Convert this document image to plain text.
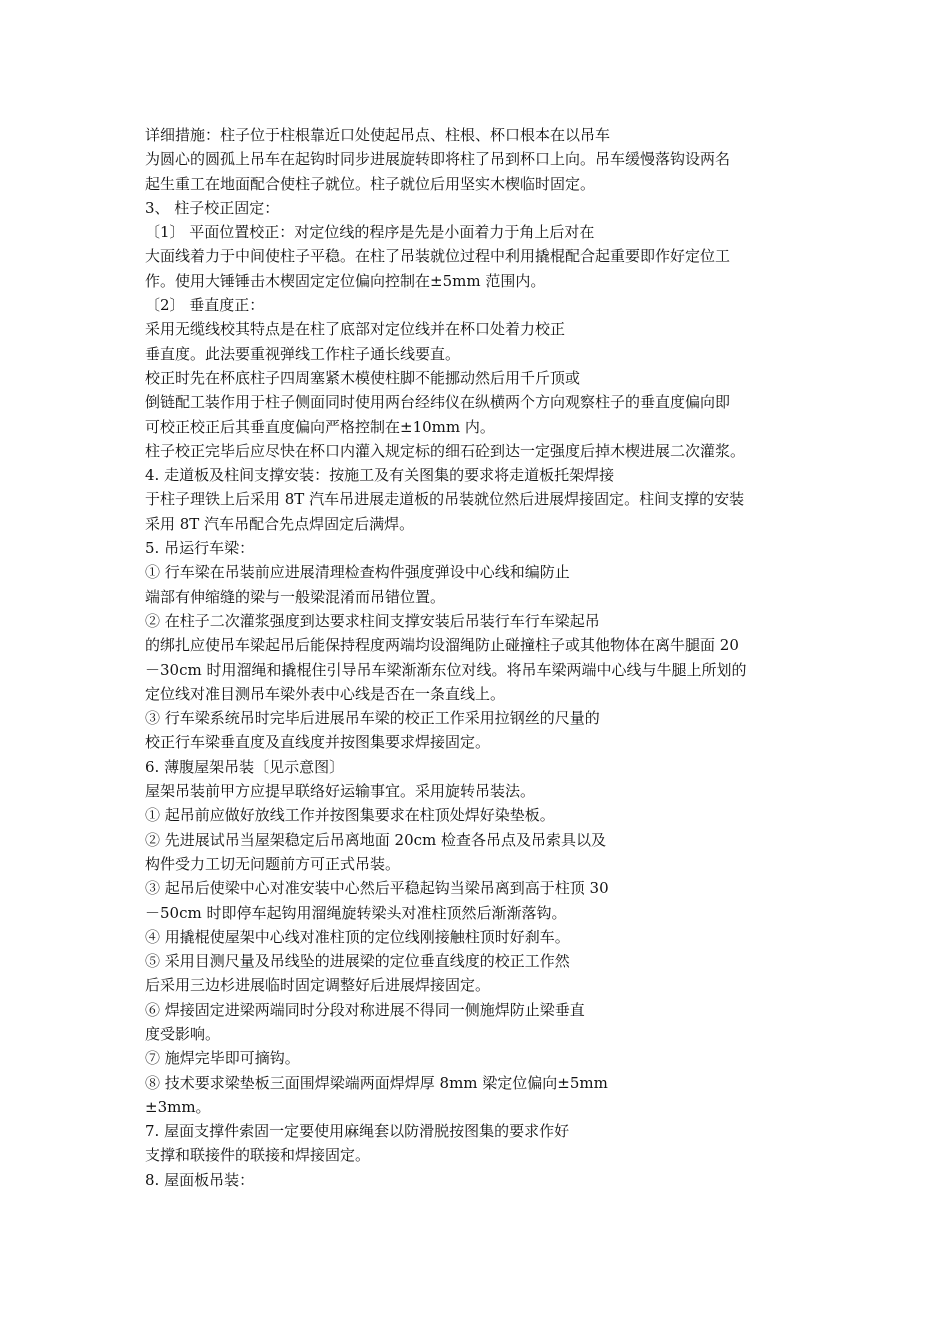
详细措施：柱子位于柱根靠近口处使起吊点、柱根、杯口根本在以吊车
为圆心的圆孤上吊车在起钩时同步进展旋转即将柱了吊到杯口上向。吊车缓慢落钩设两名
起生重工在地面配合使柱子就位。柱子就位后用坚实木楔临时固定。
3、 柱子校正固定：
〔1〕 平面位置校正：对定位线的程序是先是小面着力于角上后对在
大面线着力于中间使柱子平稳。在柱了吊装就位过程中利用撬棍配合起重要即作好定位工
作。使用大锤锤击木楔固定定位偏向控制在±5mm 范围内。
〔2〕 垂直度正：
采用无缆线校其特点是在柱了底部对定位线并在杯口处着力校正
垂直度。此法要重视弹线工作柱子通长线要直。
校正时先在杯底柱子四周塞紧木模使柱脚不能挪动然后用千斤顶或
倒链配工装作用于柱子侧面同时使用两台经纬仪在纵横两个方向观察柱子的垂直度偏向即
可校正校正后其垂直度偏向严格控制在±10mm 内。
柱子校正完毕后应尽快在杯口内灌入规定标的细石砼到达一定强度后掉木楔进展二次灌浆。
4. 走道板及柱间支撑安装：按施工及有关图集的要求将走道板托架焊接
于柱子理铁上后采用 8T 汽车吊进展走道板的吊装就位然后进展焊接固定。柱间支撑的安装
采用 8T 汽车吊配合先点焊固定后满焊。
5. 吊运行车梁：
① 行车梁在吊装前应进展清理检查构件强度弹设中心线和编防止
端部有伸缩缝的梁与一般梁混淆而吊错位置。
② 在柱子二次灌浆强度到达要求柱间支撑安装后吊装行车行车梁起吊
的绑扎应使吊车梁起吊后能保持程度两端均设溜绳防止碰撞柱子或其他物体在离牛腿面 20
－30cm 时用溜绳和撬棍住引导吊车梁渐渐东位对线。将吊车梁两端中心线与牛腿上所划的
定位线对准目测吊车梁外表中心线是否在一条直线上。
③ 行车梁系统吊时完毕后进展吊车梁的校正工作采用拉钢丝的尺量的
校正行车梁垂直度及直线度并按图集要求焊接固定。
6. 薄腹屋架吊装〔见示意图〕
屋架吊装前甲方应提早联络好运输事宜。采用旋转吊装法。
① 起吊前应做好放线工作并按图集要求在柱顶处焊好染垫板。
② 先进展试吊当屋架稳定后吊离地面 20cm 检查各吊点及吊索具以及
构件受力工切无问题前方可正式吊装。
③ 起吊后使梁中心对准安装中心然后平稳起钩当梁吊离到高于柱顶 30
－50cm 时即停车起钩用溜绳旋转梁头对准柱顶然后渐渐落钩。
④ 用撬棍使屋架中心线对准柱顶的定位线刚接触柱顶时好刹车。
⑤ 采用目测尺量及吊线坠的进展梁的定位垂直线度的校正工作然
后采用三边杉进展临时固定调整好后进展焊接固定。
⑥ 焊接固定进梁两端同时分段对称进展不得同一侧施焊防止梁垂直
度受影响。
⑦ 施焊完毕即可摘钩。
⑧ 技术要求梁垫板三面围焊梁端两面焊焊厚 8mm 梁定位偏向±5mm
±3mm。
7. 屋面支撑件索固一定要使用麻绳套以防滑脱按图集的要求作好
支撑和联接件的联接和焊接固定。
8. 屋面板吊装：
